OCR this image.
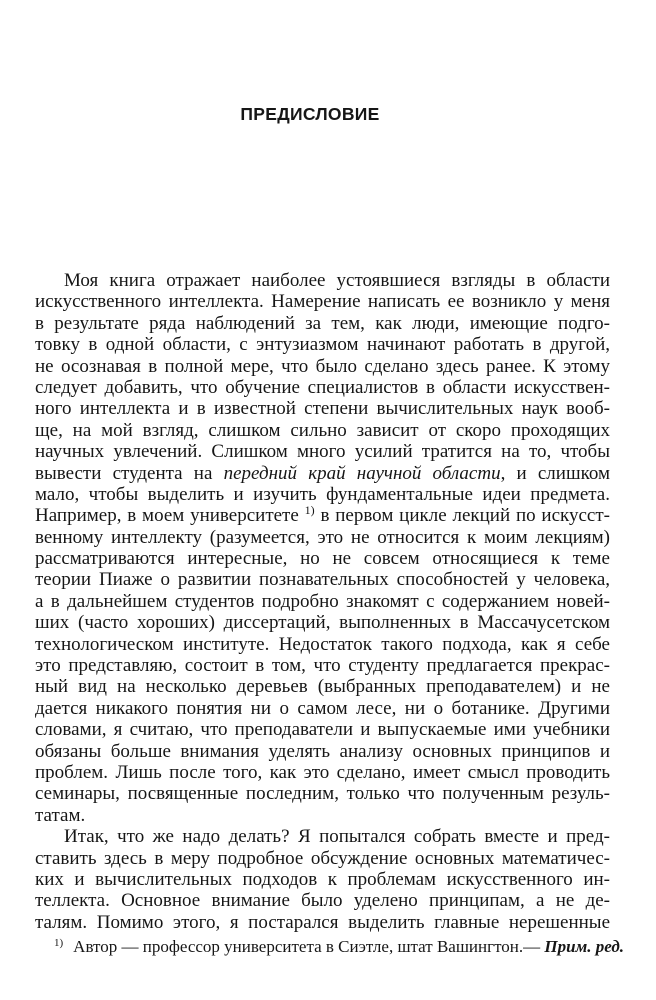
ПРЕДИСЛОВИЕ
Моя книга отражает наиболее устоявшиеся взгляды в области
искусственного интеллекта. Намерение написать ее возникло у меня
в результате ряда наблюдений за тем, как люди, имеющие подго-
товку в одной области, с энтузиазмом начинают работать в другой,
не осознавая в полной мере, что было сделано здесь ранее. К этому
следует добавить, что обучение специалистов в области искусствен-
ного интеллекта и в известной степени вычислительных наук вооб-
ще, на мой взгляд, слишком сильно зависит от скоро проходящих
научных увлечений. Слишком много усилий тратится на то, чтобы
вывести студента на передний край научной области, и слишком
мало, чтобы выделить и изучить фундаментальные идеи предмета.
Например, в моем университете $^{1)}$ в первом цикле лекций по искусст-
венному интеллекту (разумеется, это не относится к моим лекциям)
рассматриваются интересные, но не совсем относящиеся к теме
теории Пиаже о развитии познавательных способностей у человека,
а в дальнейшем студентов подробно знакомят с содержанием новей-
ших (часто хороших) диссертаций, выполненных в Массачусетском
технологическом институте. Недостаток такого подхода, как я себе
это представляю, состоит в том, что студенту предлагается прекрас-
ный вид на несколько деревьев (выбранных преподавателем) и не
дается никакого понятия ни о самом лесе, ни о ботанике. Другими
словами, я считаю, что преподаватели и выпускаемые ими учебники
обязаны больше внимания уделять анализу основных принципов и
проблем. Лишь после того, как это сделано, имеет смысл проводить
семинары, посвященные последним, только что полученным резуль-
татам.
Итак, что же надо делать? Я попытался собрать вместе и пред-
ставить здесь в меру подробное обсуждение основных математичес-
ких и вычислительных подходов к проблемам искусственного ин-
теллекта. Основное внимание было уделено принципам, а не де-
талям. Помимо этого, я постарался выделить главные нерешенные
$^{1)}$ Автор — профессор университета в Сиэтле, штат Вашингтон.— Прим. ред.
